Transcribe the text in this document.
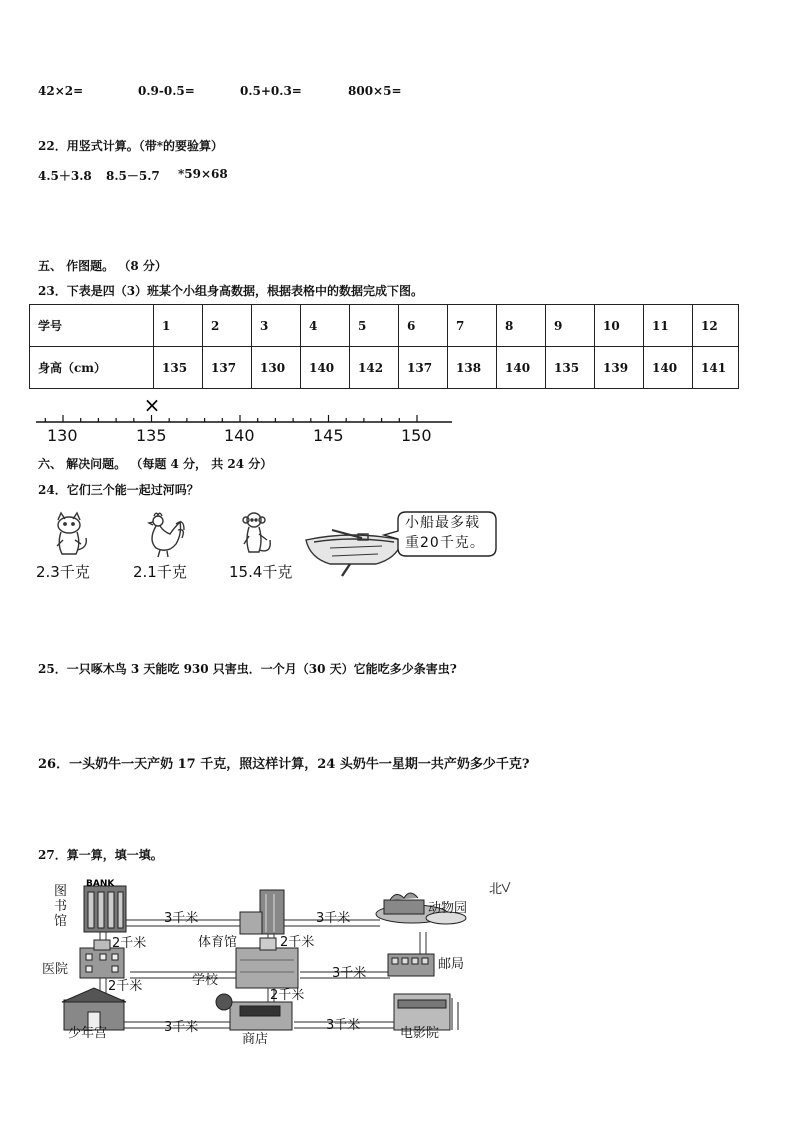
42×2=	0.9-0.5=	0.5+0.3=	800×5=
22．用竖式计算。（带*的要验算）
4.5＋3.8 8.5－5.7 *59×68
五、 作图题。 （8 分）
23．下表是四（3）班某个小组身高数据，根据表格中的数据完成下图。
学号	1	2	3	4	5	6	7	8	9	10	11	12
身高（cm）	135	137	130	140	142	137	138	140	135	139	140	141
×
130	135	140	145	150
六、 解决问题。 （每题 4 分， 共 24 分）
24．它们三个能一起过河吗？
2.3千克	2.1千克	15.4千克
小船最多载
重20千克。
25．一只啄木鸟 3 天能吃 930 只害虫．一个月（30 天）它能吃多少条害虫?
26．一头奶牛一天产奶 17 千克，照这样计算，24 头奶牛一星期一共产奶多少千克?
27．算一算，填一填。
BANK
图
书
馆
动物园
北
体育馆
医院
学校
邮局
少年宫	商店	电影院
3千米	3千米
2千米	2千米
3千米
2千米
2千米
3千米	3千米
